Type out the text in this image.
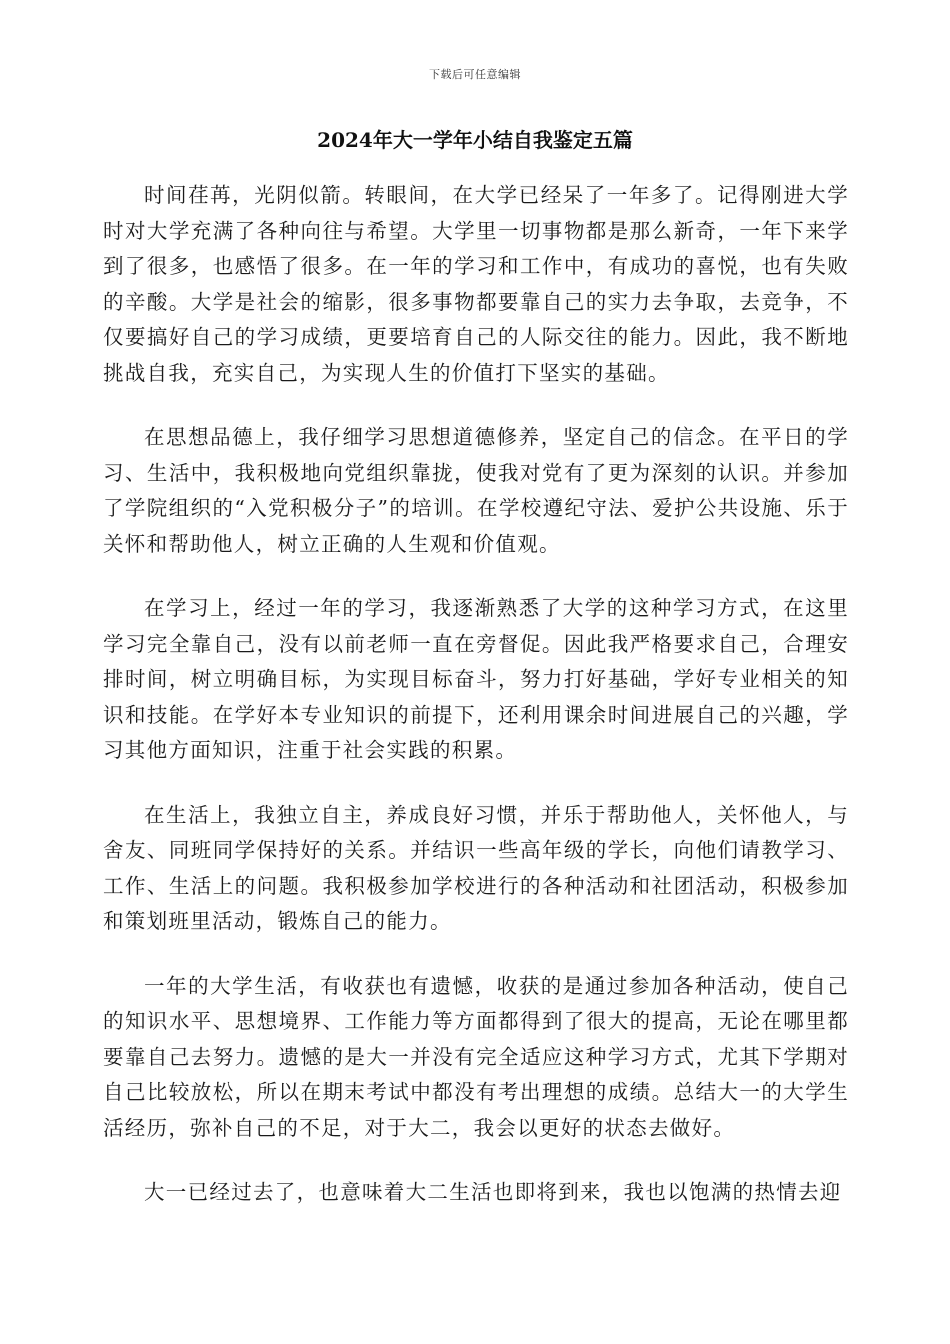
下载后可任意编辑
2024年大一学年小结自我鉴定五篇

时间荏苒，光阴似箭。转眼间，在大学已经呆了一年多了。记得刚进大学时对大学充满了各种向往与希望。大学里一切事物都是那么新奇，一年下来学到了很多，也感悟了很多。在一年的学习和工作中，有成功的喜悦，也有失败的辛酸。大学是社会的缩影，很多事物都要靠自己的实力去争取，去竞争，不仅要搞好自己的学习成绩，更要培育自己的人际交往的能力。因此，我不断地挑战自我，充实自己，为实现人生的价值打下坚实的基础。

在思想品德上，我仔细学习思想道德修养，坚定自己的信念。在平日的学习、生活中，我积极地向党组织靠拢，使我对党有了更为深刻的认识。并参加了学院组织的“入党积极分子”的培训。在学校遵纪守法、爱护公共设施、乐于关怀和帮助他人，树立正确的人生观和价值观。

在学习上，经过一年的学习，我逐渐熟悉了大学的这种学习方式，在这里学习完全靠自己，没有以前老师一直在旁督促。因此我严格要求自己，合理安排时间，树立明确目标，为实现目标奋斗，努力打好基础，学好专业相关的知识和技能。在学好本专业知识的前提下，还利用课余时间进展自己的兴趣，学习其他方面知识，注重于社会实践的积累。

在生活上，我独立自主，养成良好习惯，并乐于帮助他人，关怀他人，与舍友、同班同学保持好的关系。并结识一些高年级的学长，向他们请教学习、工作、生活上的问题。我积极参加学校进行的各种活动和社团活动，积极参加和策划班里活动，锻炼自己的能力。

一年的大学生活，有收获也有遗憾，收获的是通过参加各种活动，使自己的知识水平、思想境界、工作能力等方面都得到了很大的提高，无论在哪里都要靠自己去努力。遗憾的是大一并没有完全适应这种学习方式，尤其下学期对自己比较放松，所以在期末考试中都没有考出理想的成绩。总结大一的大学生活经历，弥补自己的不足，对于大二，我会以更好的状态去做好。

大一已经过去了，也意味着大二生活也即将到来，我也以饱满的热情去迎
